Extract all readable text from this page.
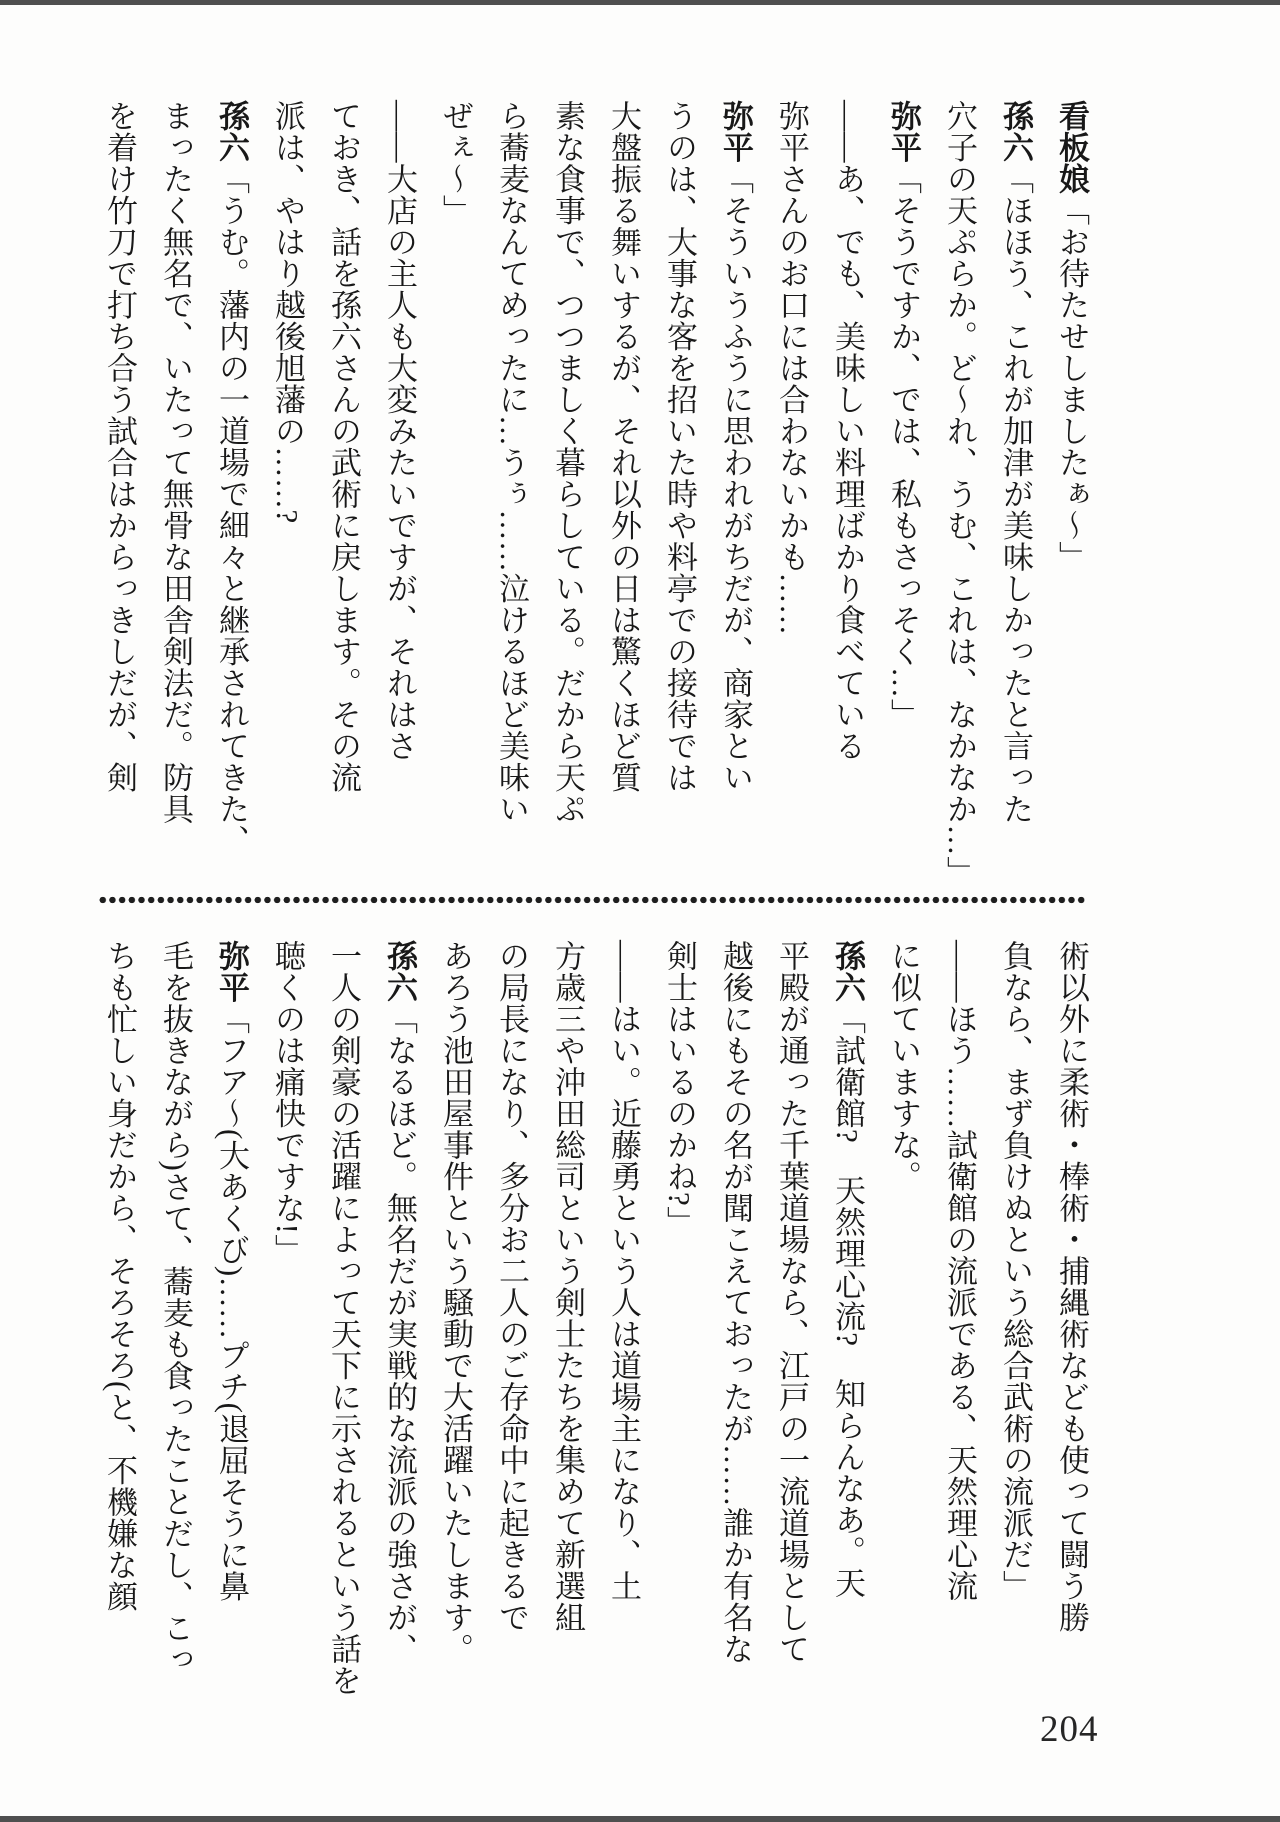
看板娘「お待たせしましたぁ〜」
孫六「ほほう、これが加津が美味しかったと言った
穴子の天ぷらか。ど〜れ、うむ、これは、なかなか…」
弥平「そうですか、では、私もさっそく…」
――あ、でも、美味しい料理ばかり食べている
弥平さんのお口には合わないかも……
弥平「そういうふうに思われがちだが、商家とい
うのは、大事な客を招いた時や料亭での接待では
大盤振る舞いするが、それ以外の日は驚くほど質
素な食事で、つつましく暮らしている。だから天ぷ
ら蕎麦なんてめったに…うぅ……泣けるほど美味い
ぜぇ〜」
――大店の主人も大変みたいですが、それはさ
ておき、話を孫六さんの武術に戻します。その流
派は、やはり越後旭藩の……?
孫六「うむ。藩内の一道場で細々と継承されてきた、
まったく無名で、いたって無骨な田舎剣法だ。防具
を着け竹刀で打ち合う試合はからっきしだが、剣
術以外に柔術・棒術・捕縄術なども使って闘う勝
負なら、まず負けぬという総合武術の流派だ」
――ほう……試衛館の流派である、天然理心流
に似ていますな。
孫六「試衛館?　天然理心流?　知らんなあ。天
平殿が通った千葉道場なら、江戸の一流道場として
越後にもその名が聞こえておったが……誰か有名な
剣士はいるのかね?」
――はい。近藤勇という人は道場主になり、土
方歳三や沖田総司という剣士たちを集めて新選組
の局長になり、多分お二人のご存命中に起きるで
あろう池田屋事件という騒動で大活躍いたします。
孫六「なるほど。無名だが実戦的な流派の強さが、
一人の剣豪の活躍によって天下に示されるという話を
聴くのは痛快ですな!」
弥平「フア〜(大あくび)……プチ(退屈そうに鼻
毛を抜きながら)さて、蕎麦も食ったことだし、こっ
ちも忙しい身だから、そろそろ(と、不機嫌な顔
204
